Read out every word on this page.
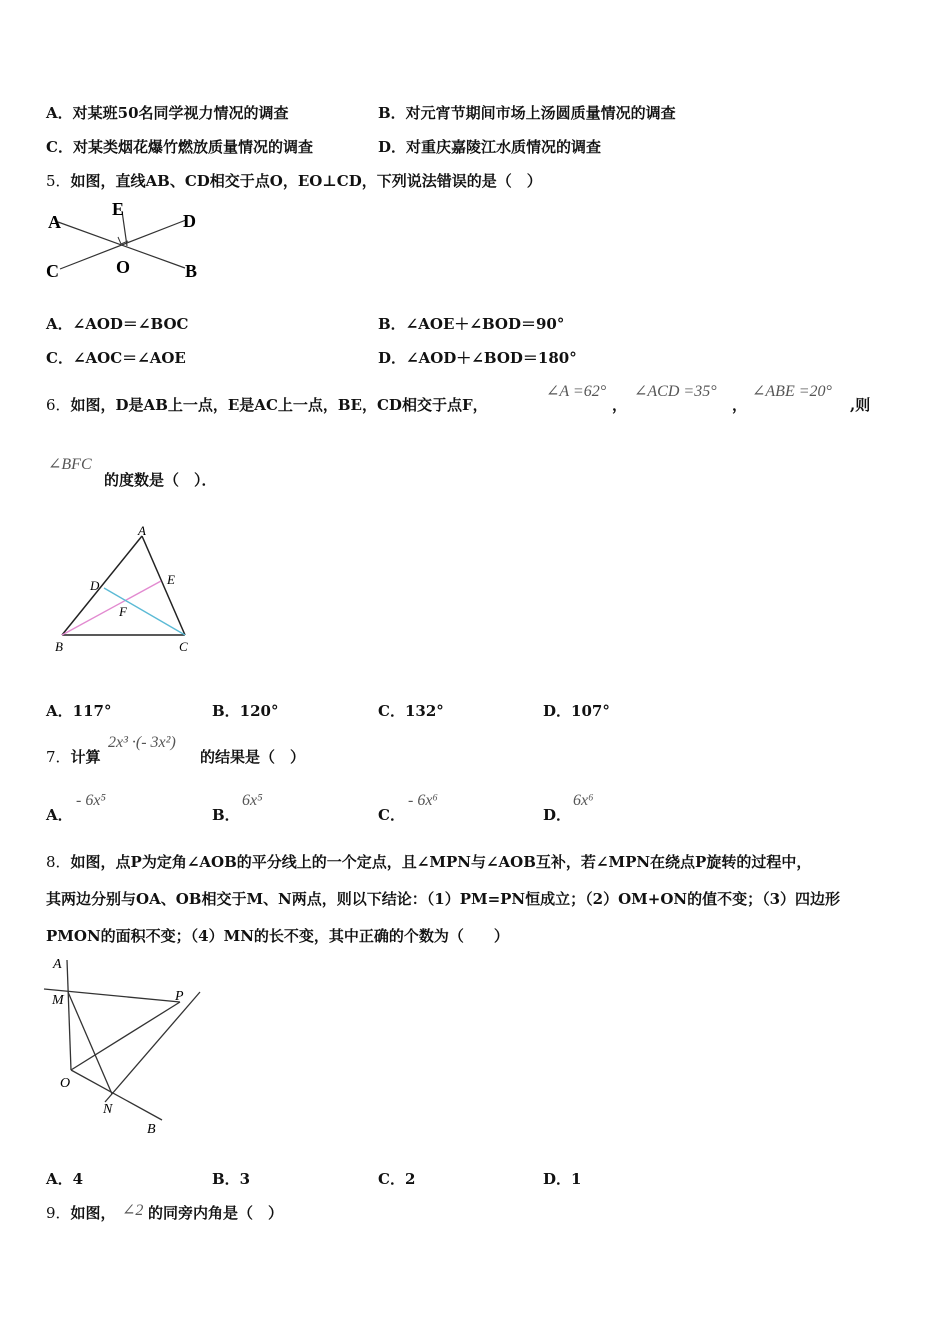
A．对某班50名同学视力情况的调查	B．对元宵节期间市场上汤圆质量情况的调查
C．对某类烟花爆竹燃放质量情况的调查	D．对重庆嘉陵江水质情况的调查
5．如图，直线AB、CD相交于点O，EO⊥CD，下列说法错误的是（　）
A
E
D
C	O	B
A．∠AOD＝∠BOC	B．∠AOE＋∠BOD＝90°
C．∠AOC＝∠AOE	D．∠AOD＋∠BOD＝180°
6．如图，D是AB上一点，E是AC上一点，BE，CD相交于点F，
∠A =62°
，
∠ACD =35°
，
∠ABE =20°
,则
∠BFC
的度数是（　）．
A
D	E
F
B	C
A．117°	B．120°	C．132°	D．107°
7．计算
2x³ ·(- 3x²)
的结果是（　）
A．
- 6x⁵
B．
6x⁵
C．
- 6x⁶
D．
6x⁶
8．如图，点P为定角∠AOB的平分线上的一个定点，且∠MPN与∠AOB互补，若∠MPN在绕点P旋转的过程中，
其两边分别与OA、OB相交于M、N两点，则以下结论：（1）PM=PN恒成立；（2）OM+ON的值不变；（3）四边形
PMON的面积不变；（4）MN的长不变，其中正确的个数为（　　）
A
M	P
O
N
B
A．4	B．3	C．2	D．1
9．如图， ∠2 的同旁内角是（　）
